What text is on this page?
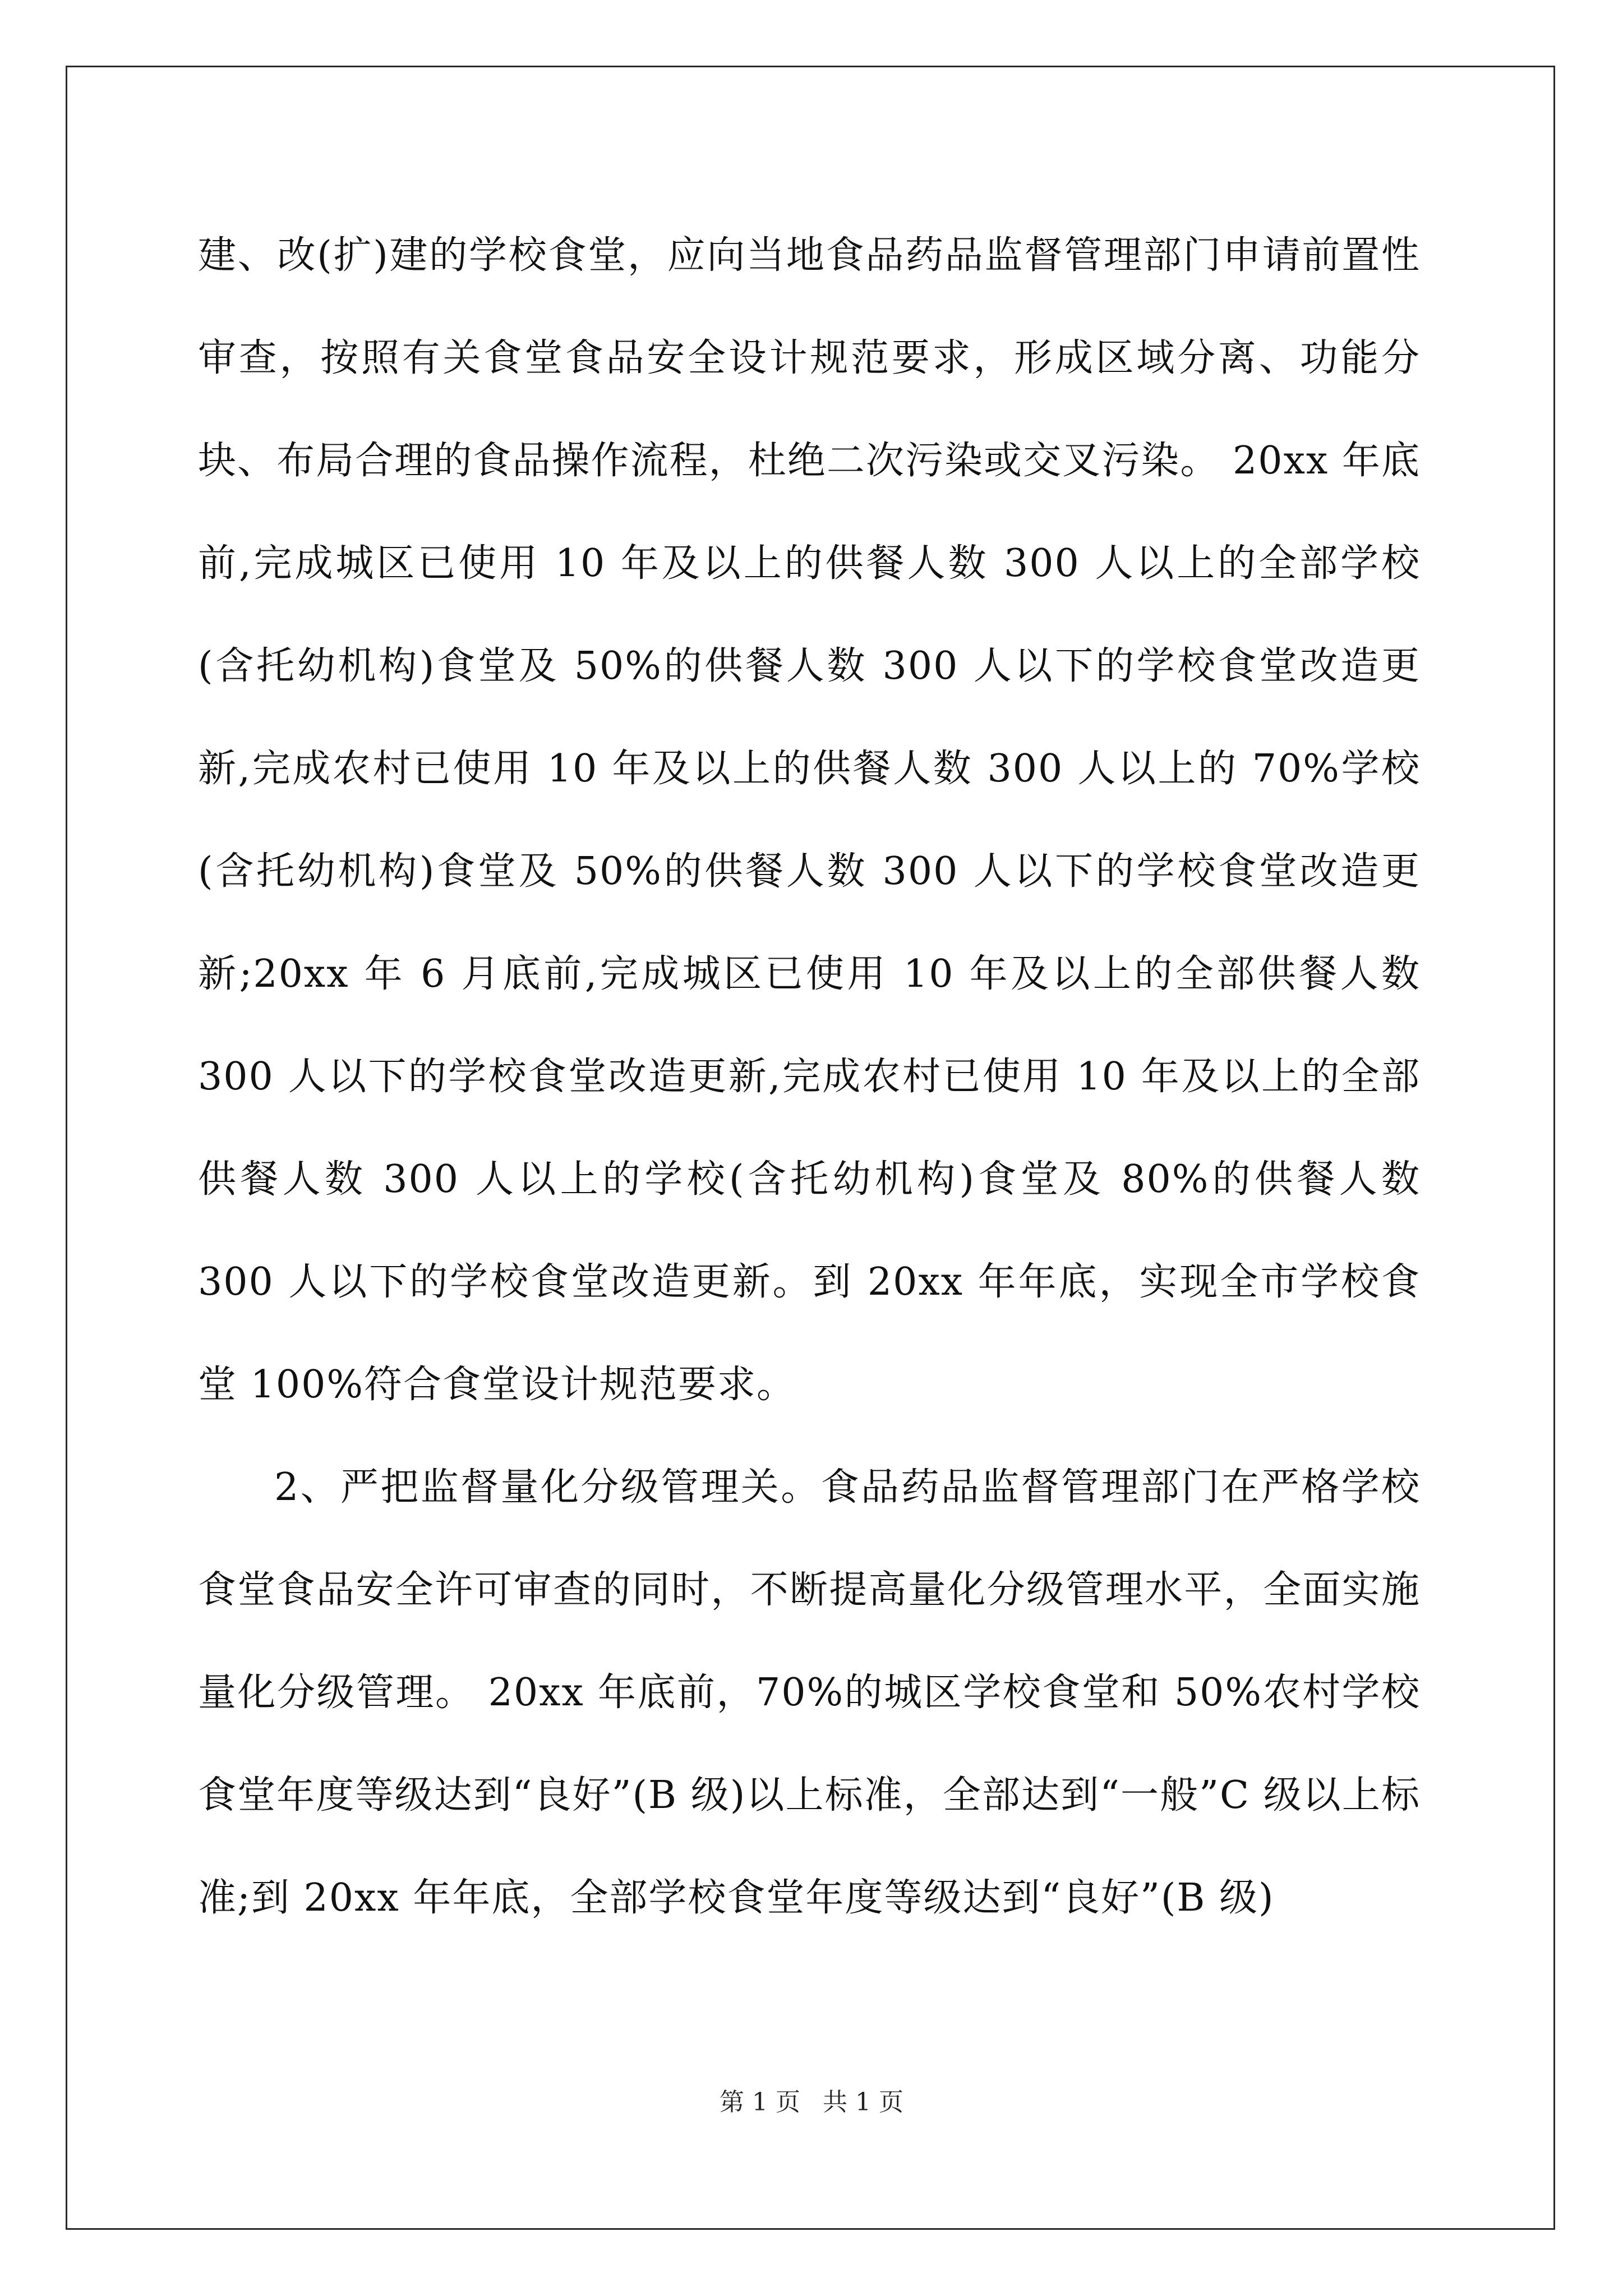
建、改(扩)建的学校食堂，应向当地食品药品监督管理部门申请前置性审查，按照有关食堂食品安全设计规范要求，形成区域分离、功能分块、布局合理的食品操作流程，杜绝二次污染或交叉污染。 20xx 年底前,完成城区已使用 10 年及以上的供餐人数 300 人以上的全部学校(含托幼机构)食堂及 50%的供餐人数 300 人以下的学校食堂改造更新,完成农村已使用 10 年及以上的供餐人数 300 人以上的 70%学校(含托幼机构)食堂及 50%的供餐人数 300 人以下的学校食堂改造更新;20xx 年 6 月底前,完成城区已使用 10 年及以上的全部供餐人数 300 人以下的学校食堂改造更新,完成农村已使用 10 年及以上的全部供餐人数 300 人以上的学校(含托幼机构)食堂及 80%的供餐人数 300 人以下的学校食堂改造更新。到 20xx 年年底，实现全市学校食堂 100%符合食堂设计规范要求。

2、严把监督量化分级管理关。食品药品监督管理部门在严格学校食堂食品安全许可审查的同时，不断提高量化分级管理水平，全面实施量化分级管理。 20xx 年底前，70%的城区学校食堂和 50%农村学校食堂年度等级达到“良好”(B 级)以上标准，全部达到“一般”C 级以上标准;到 20xx 年年底，全部学校食堂年度等级达到“良好”(B 级)

第 1 页 共 1 页
